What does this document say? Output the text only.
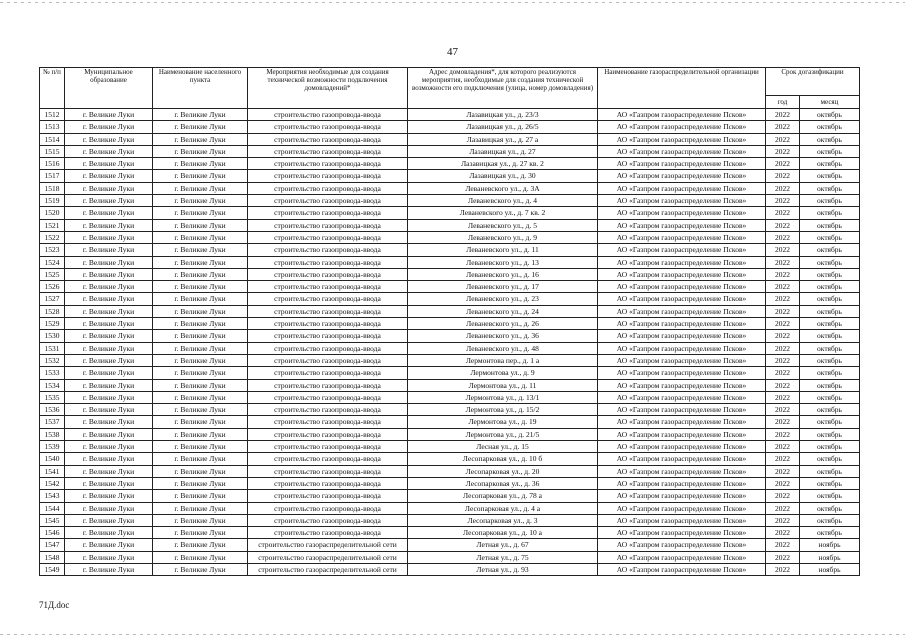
47
№ п/п	Муниципальное образование	Наименование населенного пункта	Мероприятия необходимые для создания технической возможности подключения домовладений*	Адрес домовладения*, для которого реализуются мероприятия, необходимые для создания технической возможности его подключения (улица, номер домовладения)	Наименование газораспределительной организации	Срок догазификации	
						год	месяц
1512	г. Великие Луки	г. Великие Луки	строительство газопровода-ввода	Лазавицкая ул., д. 23/3	АО «Газпром газораспределение Псков»	2022	октябрь
1513	г. Великие Луки	г. Великие Луки	строительство газопровода-ввода	Лазавицкая ул., д. 26/5	АО «Газпром газораспределение Псков»	2022	октябрь
1514	г. Великие Луки	г. Великие Луки	строительство газопровода-ввода	Лазавицкая ул., д. 27 а	АО «Газпром газораспределение Псков»	2022	октябрь
1515	г. Великие Луки	г. Великие Луки	строительство газопровода-ввода	Лазавицкая ул., д. 27	АО «Газпром газораспределение Псков»	2022	октябрь
1516	г. Великие Луки	г. Великие Луки	строительство газопровода-ввода	Лазавицкая ул., д. 27 кв. 2	АО «Газпром газораспределение Псков»	2022	октябрь
1517	г. Великие Луки	г. Великие Луки	строительство газопровода-ввода	Лазавицкая ул., д. 30	АО «Газпром газораспределение Псков»	2022	октябрь
1518	г. Великие Луки	г. Великие Луки	строительство газопровода-ввода	Леваневского ул., д. 3А	АО «Газпром газораспределение Псков»	2022	октябрь
1519	г. Великие Луки	г. Великие Луки	строительство газопровода-ввода	Леваневского ул., д. 4	АО «Газпром газораспределение Псков»	2022	октябрь
1520	г. Великие Луки	г. Великие Луки	строительство газопровода-ввода	Леваневского ул., д. 7 кв. 2	АО «Газпром газораспределение Псков»	2022	октябрь
1521	г. Великие Луки	г. Великие Луки	строительство газопровода-ввода	Леваневского ул., д. 5	АО «Газпром газораспределение Псков»	2022	октябрь
1522	г. Великие Луки	г. Великие Луки	строительство газопровода-ввода	Леваневского ул., д. 9	АО «Газпром газораспределение Псков»	2022	октябрь
1523	г. Великие Луки	г. Великие Луки	строительство газопровода-ввода	Леваневского ул., д. 11	АО «Газпром газораспределение Псков»	2022	октябрь
1524	г. Великие Луки	г. Великие Луки	строительство газопровода-ввода	Леваневского ул., д. 13	АО «Газпром газораспределение Псков»	2022	октябрь
1525	г. Великие Луки	г. Великие Луки	строительство газопровода-ввода	Леваневского ул., д. 16	АО «Газпром газораспределение Псков»	2022	октябрь
1526	г. Великие Луки	г. Великие Луки	строительство газопровода-ввода	Леваневского ул., д. 17	АО «Газпром газораспределение Псков»	2022	октябрь
1527	г. Великие Луки	г. Великие Луки	строительство газопровода-ввода	Леваневского ул., д. 23	АО «Газпром газораспределение Псков»	2022	октябрь
1528	г. Великие Луки	г. Великие Луки	строительство газопровода-ввода	Леваневского ул., д. 24	АО «Газпром газораспределение Псков»	2022	октябрь
1529	г. Великие Луки	г. Великие Луки	строительство газопровода-ввода	Леваневского ул., д. 26	АО «Газпром газораспределение Псков»	2022	октябрь
1530	г. Великие Луки	г. Великие Луки	строительство газопровода-ввода	Леваневского ул., д. 36	АО «Газпром газораспределение Псков»	2022	октябрь
1531	г. Великие Луки	г. Великие Луки	строительство газопровода-ввода	Леваневского ул., д. 48	АО «Газпром газораспределение Псков»	2022	октябрь
1532	г. Великие Луки	г. Великие Луки	строительство газопровода-ввода	Лермонтова пер., д. 1 а	АО «Газпром газораспределение Псков»	2022	октябрь
1533	г. Великие Луки	г. Великие Луки	строительство газопровода-ввода	Лермонтова ул., д. 9	АО «Газпром газораспределение Псков»	2022	октябрь
1534	г. Великие Луки	г. Великие Луки	строительство газопровода-ввода	Лермонтова ул., д. 11	АО «Газпром газораспределение Псков»	2022	октябрь
1535	г. Великие Луки	г. Великие Луки	строительство газопровода-ввода	Лермонтова ул., д. 13/1	АО «Газпром газораспределение Псков»	2022	октябрь
1536	г. Великие Луки	г. Великие Луки	строительство газопровода-ввода	Лермонтова ул., д. 15/2	АО «Газпром газораспределение Псков»	2022	октябрь
1537	г. Великие Луки	г. Великие Луки	строительство газопровода-ввода	Лермонтова ул., д. 19	АО «Газпром газораспределение Псков»	2022	октябрь
1538	г. Великие Луки	г. Великие Луки	строительство газопровода-ввода	Лермонтова ул., д. 21/5	АО «Газпром газораспределение Псков»	2022	октябрь
1539	г. Великие Луки	г. Великие Луки	строительство газопровода-ввода	Лесная ул., д. 15	АО «Газпром газораспределение Псков»	2022	октябрь
1540	г. Великие Луки	г. Великие Луки	строительство газопровода-ввода	Лесопарковая ул., д. 10 б	АО «Газпром газораспределение Псков»	2022	октябрь
1541	г. Великие Луки	г. Великие Луки	строительство газопровода-ввода	Лесопарковая ул., д. 20	АО «Газпром газораспределение Псков»	2022	октябрь
1542	г. Великие Луки	г. Великие Луки	строительство газопровода-ввода	Лесопарковая ул., д. 36	АО «Газпром газораспределение Псков»	2022	октябрь
1543	г. Великие Луки	г. Великие Луки	строительство газопровода-ввода	Лесопарковая ул., д. 78 а	АО «Газпром газораспределение Псков»	2022	октябрь
1544	г. Великие Луки	г. Великие Луки	строительство газопровода-ввода	Лесопарковая ул., д. 4 а	АО «Газпром газораспределение Псков»	2022	октябрь
1545	г. Великие Луки	г. Великие Луки	строительство газопровода-ввода	Лесопарковая ул., д. 3	АО «Газпром газораспределение Псков»	2022	октябрь
1546	г. Великие Луки	г. Великие Луки	строительство газопровода-ввода	Лесопарковая ул., д. 10 а	АО «Газпром газораспределение Псков»	2022	октябрь
1547	г. Великие Луки	г. Великие Луки	строительство газораспределительной сети	Летная ул., д. 67	АО «Газпром газораспределение Псков»	2022	ноябрь
1548	г. Великие Луки	г. Великие Луки	строительство газораспределительной сети	Летная ул., д. 75	АО «Газпром газораспределение Псков»	2022	ноябрь
1549	г. Великие Луки	г. Великие Луки	строительство газораспределительной сети	Летная ул., д. 93	АО «Газпром газораспределение Псков»	2022	ноябрь
71Д.doc
